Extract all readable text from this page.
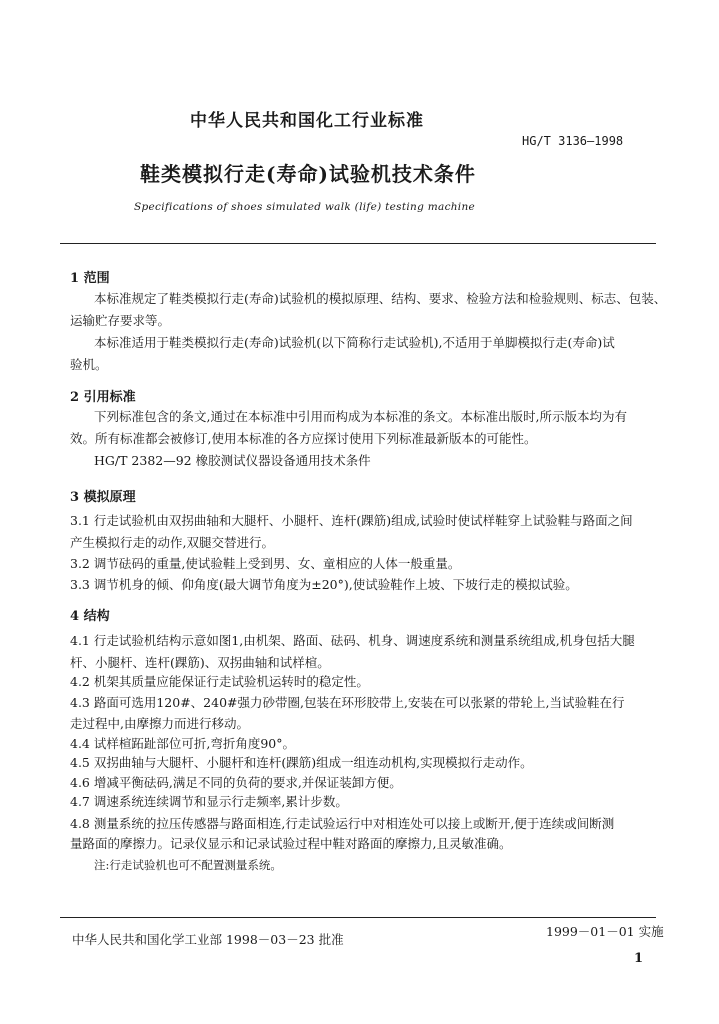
中华人民共和国化工行业标准
HG/T 3136—1998
鞋类模拟行走(寿命)试验机技术条件
Specifications of shoes simulated walk (life) testing machine
1 范围
本标准规定了鞋类模拟行走(寿命)试验机的模拟原理、结构、要求、检验方法和检验规则、标志、包装、
运输贮存要求等。
本标准适用于鞋类模拟行走(寿命)试验机(以下简称行走试验机),不适用于单脚模拟行走(寿命)试
验机。
2 引用标准
下列标准包含的条文,通过在本标准中引用而构成为本标准的条文。本标准出版时,所示版本均为有
效。所有标准都会被修订,使用本标准的各方应探讨使用下列标准最新版本的可能性。
HG/T 2382—92 橡胶测试仪器设备通用技术条件
3 模拟原理
3.1 行走试验机由双拐曲轴和大腿杆、小腿杆、连杆(踝筋)组成,试验时使试样鞋穿上试验鞋与路面之间
产生模拟行走的动作,双腿交替进行。
3.2 调节砝码的重量,使试验鞋上受到男、女、童相应的人体一般重量。
3.3 调节机身的倾、仰角度(最大调节角度为±20°),使试验鞋作上坡、下坡行走的模拟试验。
4 结构
4.1 行走试验机结构示意如图1,由机架、路面、砝码、机身、调速度系统和测量系统组成,机身包括大腿
杆、小腿杆、连杆(踝筋)、双拐曲轴和试样楦。
4.2 机架其质量应能保证行走试验机运转时的稳定性。
4.3 路面可选用120#、240#强力砂带圈,包装在环形胶带上,安装在可以张紧的带轮上,当试验鞋在行
走过程中,由摩擦力而进行移动。
4.4 试样楦跖趾部位可折,弯折角度90°。
4.5 双拐曲轴与大腿杆、小腿杆和连杆(踝筋)组成一组连动机构,实现模拟行走动作。
4.6 增减平衡砝码,满足不同的负荷的要求,并保证装卸方便。
4.7 调速系统连续调节和显示行走频率,累计步数。
4.8 测量系统的拉压传感器与路面相连,行走试验运行中对相连处可以接上或断开,便于连续或间断测
量路面的摩擦力。记录仪显示和记录试验过程中鞋对路面的摩擦力,且灵敏准确。
注:行走试验机也可不配置测量系统。
中华人民共和国化学工业部 1998－03－23 批准
1999－01－01 实施
1
